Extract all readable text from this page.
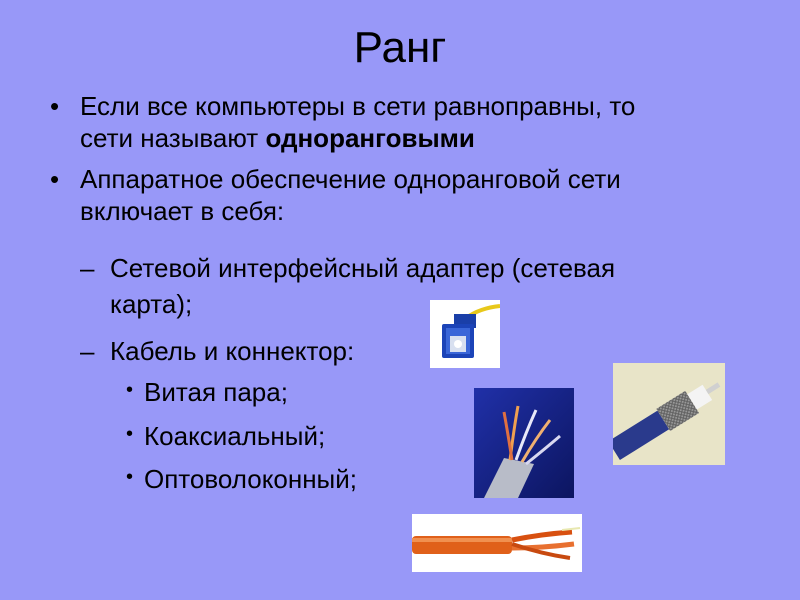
Ранг
• Если все компьютеры в сети равноправны, то
сети называют одноранговыми
• Аппаратное обеспечение одноранговой сети
включает в себя:
– Сетевой интерфейсный адаптер (сетевая
карта);
– Кабель и коннектор:
• Витая пара;
• Коаксиальный;
• Оптоволоконный;
